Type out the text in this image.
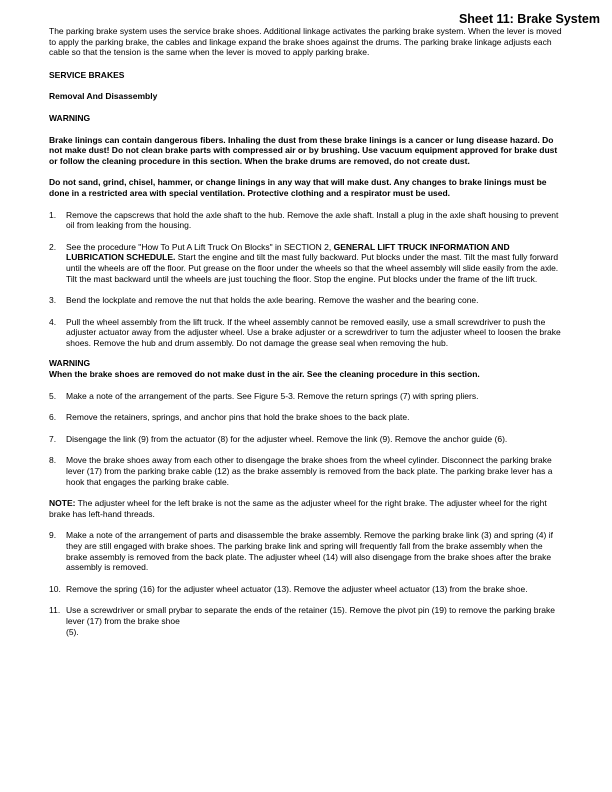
Sheet 11: Brake System

The parking brake system uses the service brake shoes. Additional linkage activates the parking brake system. When the lever is moved to apply the parking brake, the cables and linkage expand the brake shoes against the drums. The parking brake linkage adjusts each cable so that the tension is the same when the lever is moved to apply parking brake.

SERVICE BRAKES

Removal And Disassembly

WARNING

Brake linings can contain dangerous fibers. Inhaling the dust from these brake linings is a cancer or lung disease hazard. Do not make dust! Do not clean brake parts with compressed air or by brushing. Use vacuum equipment approved for brake dust or follow the cleaning procedure in this section. When the brake drums are removed, do not create dust.

Do not sand, grind, chisel, hammer, or change linings in any way that will make dust. Any changes to brake linings must be done in a restricted area with special ventilation. Protective clothing and a respirator must be used.

1. Remove the capscrews that hold the axle shaft to the hub. Remove the axle shaft. Install a plug in the axle shaft housing to prevent oil from leaking from the housing.
2. See the procedure "How To Put A Lift Truck On Blocks" in SECTION 2, GENERAL LIFT TRUCK INFORMATION AND LUBRICATION SCHEDULE. Start the engine and tilt the mast fully backward. Put blocks under the mast. Tilt the mast fully forward until the wheels are off the floor. Put grease on the floor under the wheels so that the wheel assembly will slide easily from the axle. Tilt the mast backward until the wheels are just touching the floor. Stop the engine. Put blocks under the frame of the lift truck.
3. Bend the lockplate and remove the nut that holds the axle bearing. Remove the washer and the bearing cone.
4. Pull the wheel assembly from the lift truck. If the wheel assembly cannot be removed easily, use a small screwdriver to push the adjuster actuator away from the adjuster wheel. Use a brake adjuster or a screwdriver to turn the adjuster wheel to loosen the brake shoes. Remove the hub and drum assembly. Do not damage the grease seal when removing the hub.

WARNING

When the brake shoes are removed do not make dust in the air. See the cleaning procedure in this section.

5. Make a note of the arrangement of the parts. See Figure 5-3. Remove the return springs (7) with spring pliers.
6. Remove the retainers, springs, and anchor pins that hold the brake shoes to the back plate.
7. Disengage the link (9) from the actuator (8) for the adjuster wheel. Remove the link (9). Remove the anchor guide (6).
8. Move the brake shoes away from each other to disengage the brake shoes from the wheel cylinder. Disconnect the parking brake lever (17) from the parking brake cable (12) as the brake assembly is removed from the back plate. The parking brake lever has a hook that engages the parking brake cable.

NOTE: The adjuster wheel for the left brake is not the same as the adjuster wheel for the right brake. The adjuster wheel for the right brake has left-hand threads.

9. Make a note of the arrangement of parts and disassemble the brake assembly. Remove the parking brake link (3) and spring (4) if they are still engaged with brake shoes. The parking brake link and spring will frequently fall from the brake assembly when the brake assembly is removed from the back plate. The adjuster wheel (14) will also disengage from the brake shoes after the brake assembly is removed.
10. Remove the spring (16) for the adjuster wheel actuator (13). Remove the adjuster wheel actuator (13) from the brake shoe.
11. Use a screwdriver or small prybar to separate the ends of the retainer (15). Remove the pivot pin (19) to remove the parking brake lever (17) from the brake shoe
(5).
